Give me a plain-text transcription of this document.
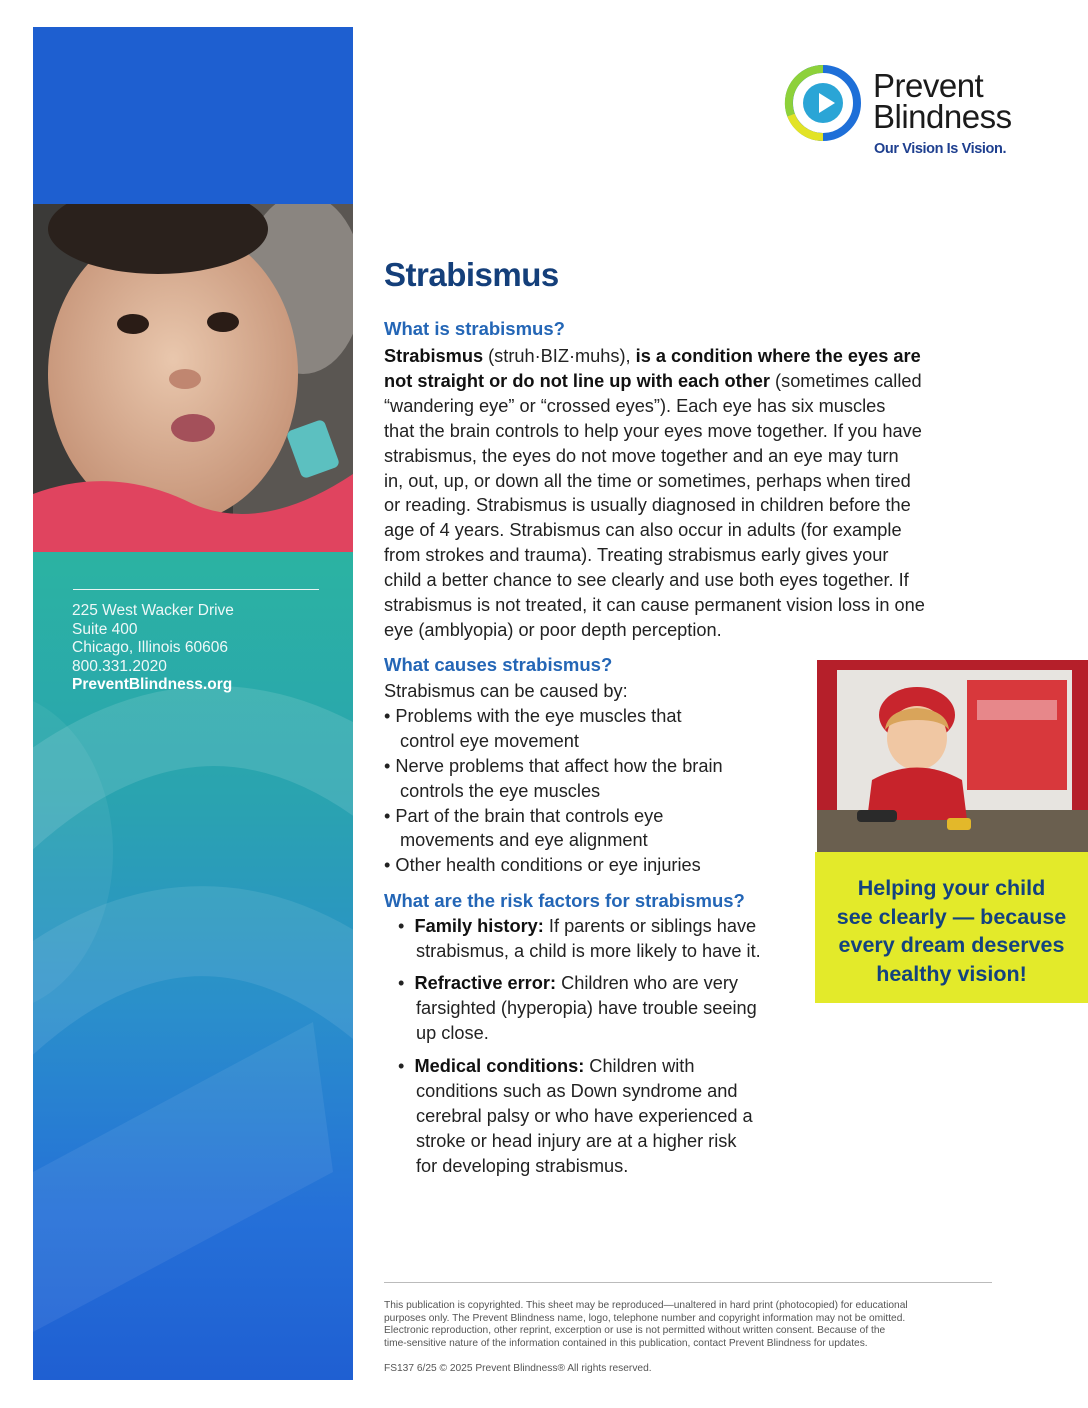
225 West Wacker Drive
Suite 400
Chicago, Illinois 60606
800.331.2020
PreventBlindness.org
Prevent
Blindness
Our Vision Is Vision.
Strabismus
What is strabismus?
Strabismus (struh·BIZ·muhs), is a condition where the eyes are
not straight or do not line up with each other (sometimes called
“wandering eye” or “crossed eyes”). Each eye has six muscles
that the brain controls to help your eyes move together. If you have
strabismus, the eyes do not move together and an eye may turn
in, out, up, or down all the time or sometimes, perhaps when tired
or reading. Strabismus is usually diagnosed in children before the
age of 4 years. Strabismus can also occur in adults (for example
from strokes and trauma). Treating strabismus early gives your
child a better chance to see clearly and use both eyes together. If
strabismus is not treated, it can cause permanent vision loss in one
eye (amblyopia) or poor depth perception.
What causes strabismus?
Strabismus can be caused by:
• Problems with the eye muscles that
control eye movement
• Nerve problems that affect how the brain
controls the eye muscles
• Part of the brain that controls eye
movements and eye alignment
• Other health conditions or eye injuries
What are the risk factors for strabismus?
•  Family history: If parents or siblings have
strabismus, a child is more likely to have it.
•  Refractive error: Children who are very
farsighted (hyperopia) have trouble seeing
up close.
•  Medical conditions: Children with
conditions such as Down syndrome and
cerebral palsy or who have experienced a
stroke or head injury are at a higher risk
for developing strabismus.
Helping your child
see clearly — because
every dream deserves
healthy vision!
This publication is copyrighted. This sheet may be reproduced—unaltered in hard print (photocopied) for educational
purposes only. The Prevent Blindness name, logo, telephone number and copyright information may not be omitted.
Electronic reproduction, other reprint, excerption or use is not permitted without written consent. Because of the
time-sensitive nature of the information contained in this publication, contact Prevent Blindness for updates.
FS137 6/25 © 2025 Prevent Blindness® All rights reserved.
